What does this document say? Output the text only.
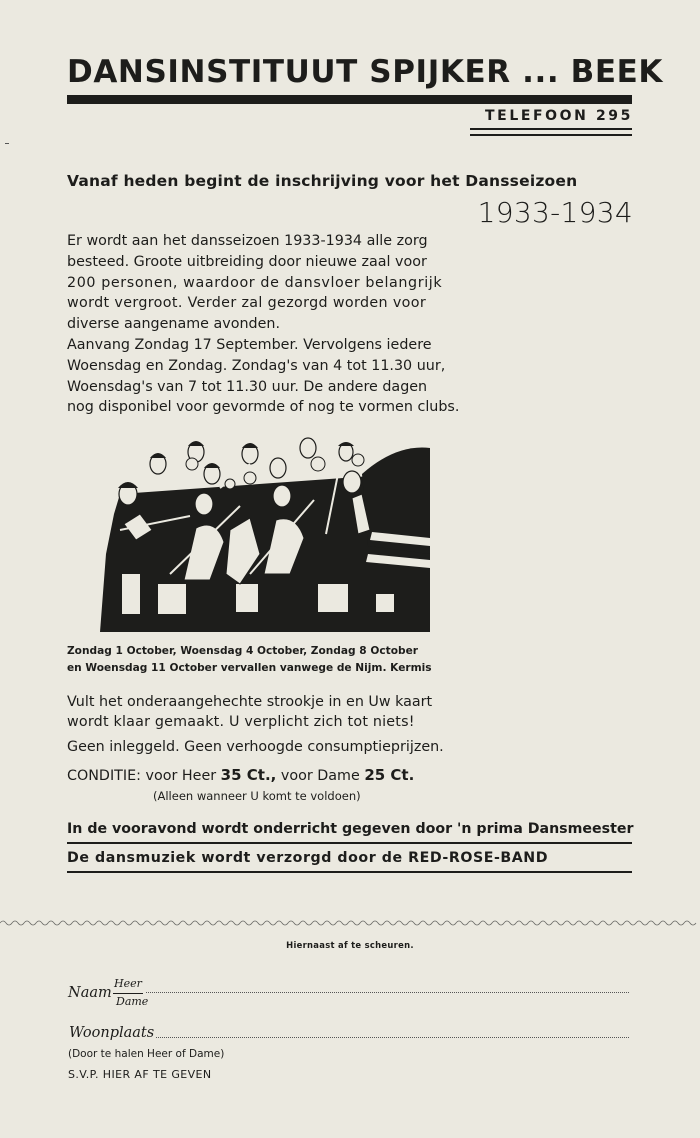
DANSINSTITUUT SPIJKER ... BEEK
TELEFOON 295
Vanaf heden begint de inschrijving voor het Dansseizoen
1933-1934
Er wordt aan het dansseizoen 1933-1934 alle zorg
besteed. Groote uitbreiding door nieuwe zaal voor
200 personen, waardoor de dansvloer belangrijk
wordt vergroot. Verder zal gezorgd worden voor
diverse aangename avonden.
Aanvang Zondag 17 September. Vervolgens iedere
Woensdag en Zondag. Zondag's van 4 tot 11.30 uur,
Woensdag's van 7 tot 11.30 uur. De andere dagen
nog disponibel voor gevormde of nog te vormen clubs.
Zondag 1 October, Woensdag 4 October, Zondag 8 October
en Woensdag 11 October vervallen vanwege de Nijm. Kermis
Vult het onderaangehechte strookje in en Uw kaart
wordt klaar gemaakt. U verplicht zich tot niets!
Geen inleggeld. Geen verhoogde consumptieprijzen.
CONDITIE: voor Heer 35 Ct., voor Dame 25 Ct.
(Alleen wanneer U komt te voldoen)
In de vooravond wordt onderricht gegeven door 'n prima Dansmeester
De dansmuziek wordt verzorgd door de RED-ROSE-BAND
Hiernaast af te scheuren.
Naam
Heer
Dame
Woonplaats
(Door te halen Heer of Dame)
S.V.P. HIER AF TE GEVEN
